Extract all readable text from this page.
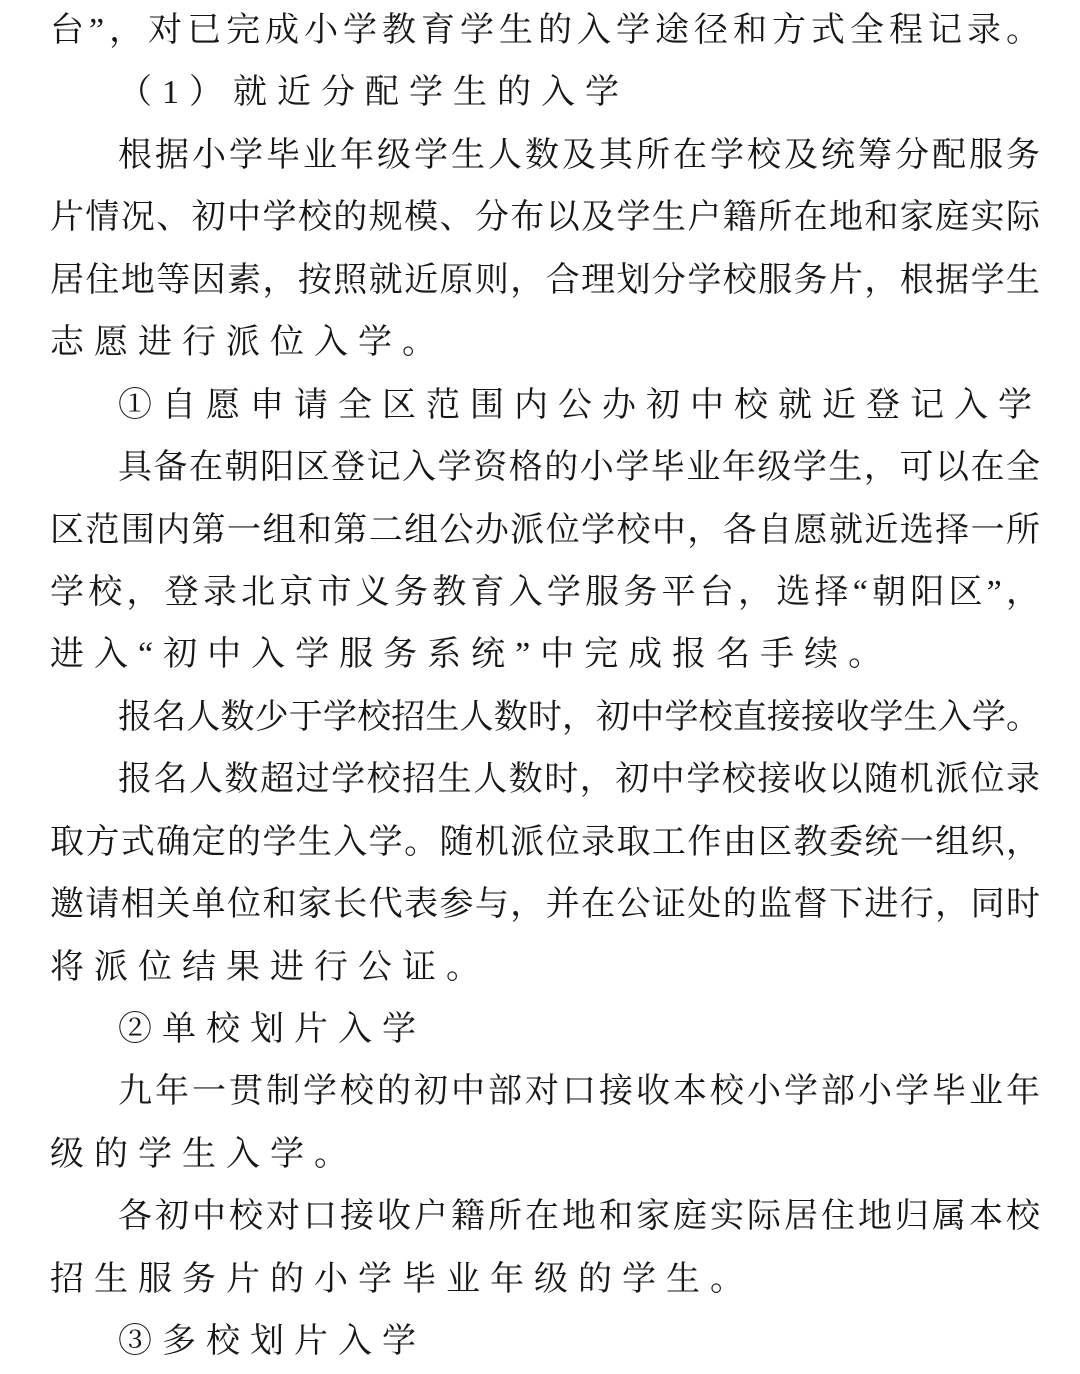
台”，对已完成小学教育学生的入学途径和方式全程记录。
（1）就近分配学生的入学
根据小学毕业年级学生人数及其所在学校及统筹分配服务
片情况、初中学校的规模、分布以及学生户籍所在地和家庭实际
居住地等因素，按照就近原则，合理划分学校服务片，根据学生
志愿进行派位入学。
①自愿申请全区范围内公办初中校就近登记入学
具备在朝阳区登记入学资格的小学毕业年级学生，可以在全
区范围内第一组和第二组公办派位学校中，各自愿就近选择一所
学校，登录北京市义务教育入学服务平台，选择“朝阳区”，
进入“初中入学服务系统”中完成报名手续。
报名人数少于学校招生人数时，初中学校直接接收学生入学。
报名人数超过学校招生人数时，初中学校接收以随机派位录
取方式确定的学生入学。随机派位录取工作由区教委统一组织，
邀请相关单位和家长代表参与，并在公证处的监督下进行，同时
将派位结果进行公证。
②单校划片入学
九年一贯制学校的初中部对口接收本校小学部小学毕业年
级的学生入学。
各初中校对口接收户籍所在地和家庭实际居住地归属本校
招生服务片的小学毕业年级的学生。
③多校划片入学
